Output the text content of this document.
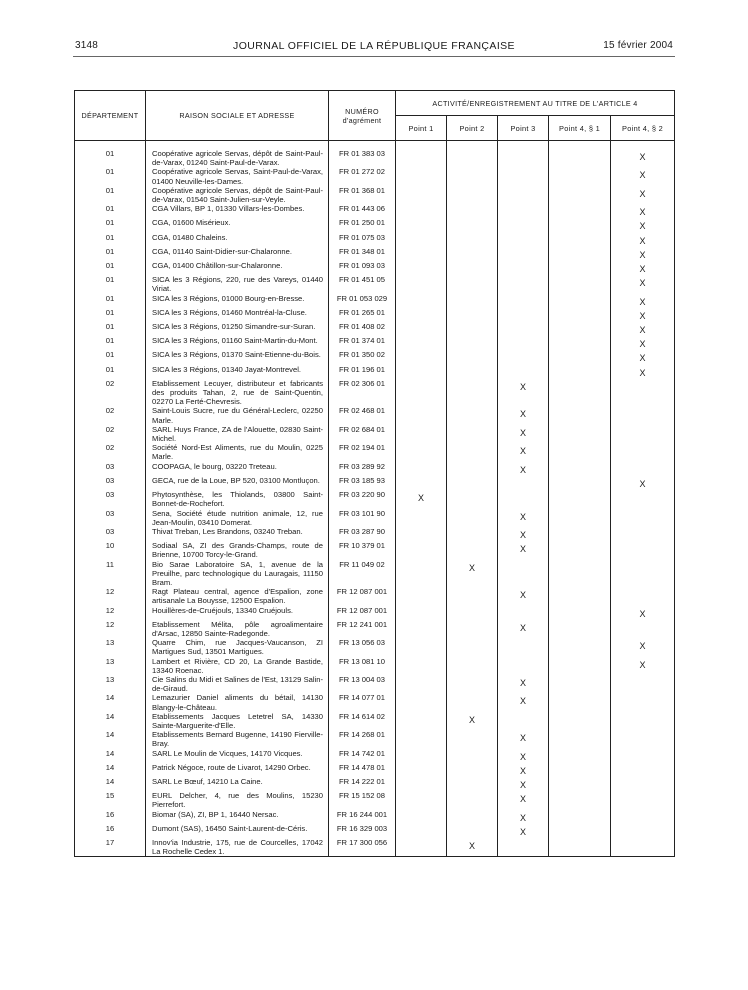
3148	JOURNAL OFFICIEL DE LA RÉPUBLIQUE FRANÇAISE	15 février 2004
DÉPARTEMENT	RAISON SOCIALE ET ADRESSE	NUMÉRO d'agrément	ACTIVITÉ/ENREGISTREMENT AU TITRE DE L'ARTICLE 4				
			Point 1	Point 2	Point 3	Point 4, § 1	Point 4, § 2
01	Coopérative agricole Servas, dépôt de Saint-Paul-de-Varax, 01240 Saint-Paul-de-Varax.	FR 01 383 03					X
01	Coopérative agricole Servas, Saint-Paul-de-Varax, 01400 Neuville-les-Dames.	FR 01 272 02					X
01	Coopérative agricole Servas, dépôt de Saint-Paul-de-Varax, 01540 Saint-Julien-sur-Veyle.	FR 01 368 01					X
01	CGA Villars, BP 1, 01330 Villars-les-Dombes.	FR 01 443 06					X
01	CGA, 01600 Misérieux.	FR 01 250 01					X
01	CGA, 01480 Chaleins.	FR 01 075 03					X
01	CGA, 01140 Saint-Didier-sur-Chalaronne.	FR 01 348 01					X
01	CGA, 01400 Châtillon-sur-Chalaronne.	FR 01 093 03					X
01	SICA les 3 Régions, 220, rue des Vareys, 01440 Viriat.	FR 01 451 05					X
01	SICA les 3 Régions, 01000 Bourg-en-Bresse.	FR 01 053 029					X
01	SICA les 3 Régions, 01460 Montréal-la-Cluse.	FR 01 265 01					X
01	SICA les 3 Régions, 01250 Simandre-sur-Suran.	FR 01 408 02					X
01	SICA les 3 Régions, 01160 Saint-Martin-du-Mont.	FR 01 374 01					X
01	SICA les 3 Régions, 01370 Saint-Etienne-du-Bois.	FR 01 350 02					X
01	SICA les 3 Régions, 01340 Jayat-Montrevel.	FR 01 196 01					X
02	Etablissement Lecuyer, distributeur et fabricants des produits Tahan, 2, rue de Saint-Quentin, 02270 La Ferté-Chevresis.	FR 02 306 01			X		
02	Saint-Louis Sucre, rue du Général-Leclerc, 02250 Marle.	FR 02 468 01			X		
02	SARL Huys France, ZA de l'Alouette, 02830 Saint-Michel.	FR 02 684 01			X		
02	Société Nord-Est Aliments, rue du Moulin, 0225 Marle.	FR 02 194 01			X		
03	COOPAGA, le bourg, 03220 Treteau.	FR 03 289 92			X		
03	GECA, rue de la Loue, BP 520, 03100 Montluçon.	FR 03 185 93					X
03	Phytosynthèse, les Thiolands, 03800 Saint-Bonnet-de-Rochefort.	FR 03 220 90	X				
03	Sena, Société étude nutrition animale, 12, rue Jean-Moulin, 03410 Domerat.	FR 03 101 90			X		
03	Thivat Treban, Les Brandons, 03240 Treban.	FR 03 287 90			X		
10	Sodiaal SA, ZI des Grands-Champs, route de Brienne, 10700 Torcy-le-Grand.	FR 10 379 01			X		
11	Bio Sarae Laboratoire SA, 1, avenue de la Preuilhe, parc technologique du Lauragais, 11150 Bram.	FR 11 049 02		X			
12	Ragt Plateau central, agence d'Espalion, zone artisanale La Bouysse, 12500 Espalion.	FR 12 087 001			X		
12	Houillères-de-Cruéjouls, 13340 Cruéjouls.	FR 12 087 001					X
12	Etablissement Mélita, pôle agroalimentaire d'Arsac, 12850 Sainte-Radegonde.	FR 12 241 001			X		
13	Quarre Chim, rue Jacques-Vaucanson, ZI Martigues Sud, 13501 Martigues.	FR 13 056 03					X
13	Lambert et Rivière, CD 20, La Grande Bastide, 13340 Roenac.	FR 13 081 10					X
13	Cie Salins du Midi et Salines de l'Est, 13129 Salin-de-Giraud.	FR 13 004 03			X		
14	Lemazurier Daniel aliments du bétail, 14130 Blangy-le-Château.	FR 14 077 01			X		
14	Etablissements Jacques Letetrel SA, 14330 Sainte-Marguerite-d'Elle.	FR 14 614 02		X			
14	Etablissements Bernard Bugenne, 14190 Fierville-Bray.	FR 14 268 01			X		
14	SARL Le Moulin de Vicques, 14170 Vicques.	FR 14 742 01			X		
14	Patrick Négoce, route de Livarot, 14290 Orbec.	FR 14 478 01			X		
14	SARL Le Bœuf, 14210 La Caine.	FR 14 222 01			X		
15	EURL Delcher, 4, rue des Moulins, 15230 Pierrefort.	FR 15 152 08			X		
16	Biomar (SA), ZI, BP 1, 16440 Nersac.	FR 16 244 001			X		
16	Dumont (SAS), 16450 Saint-Laurent-de-Céris.	FR 16 329 003			X		
17	Innov'ia Industrie, 175, rue de Courcelles, 17042 La Rochelle Cedex 1.	FR 17 300 056		X			
